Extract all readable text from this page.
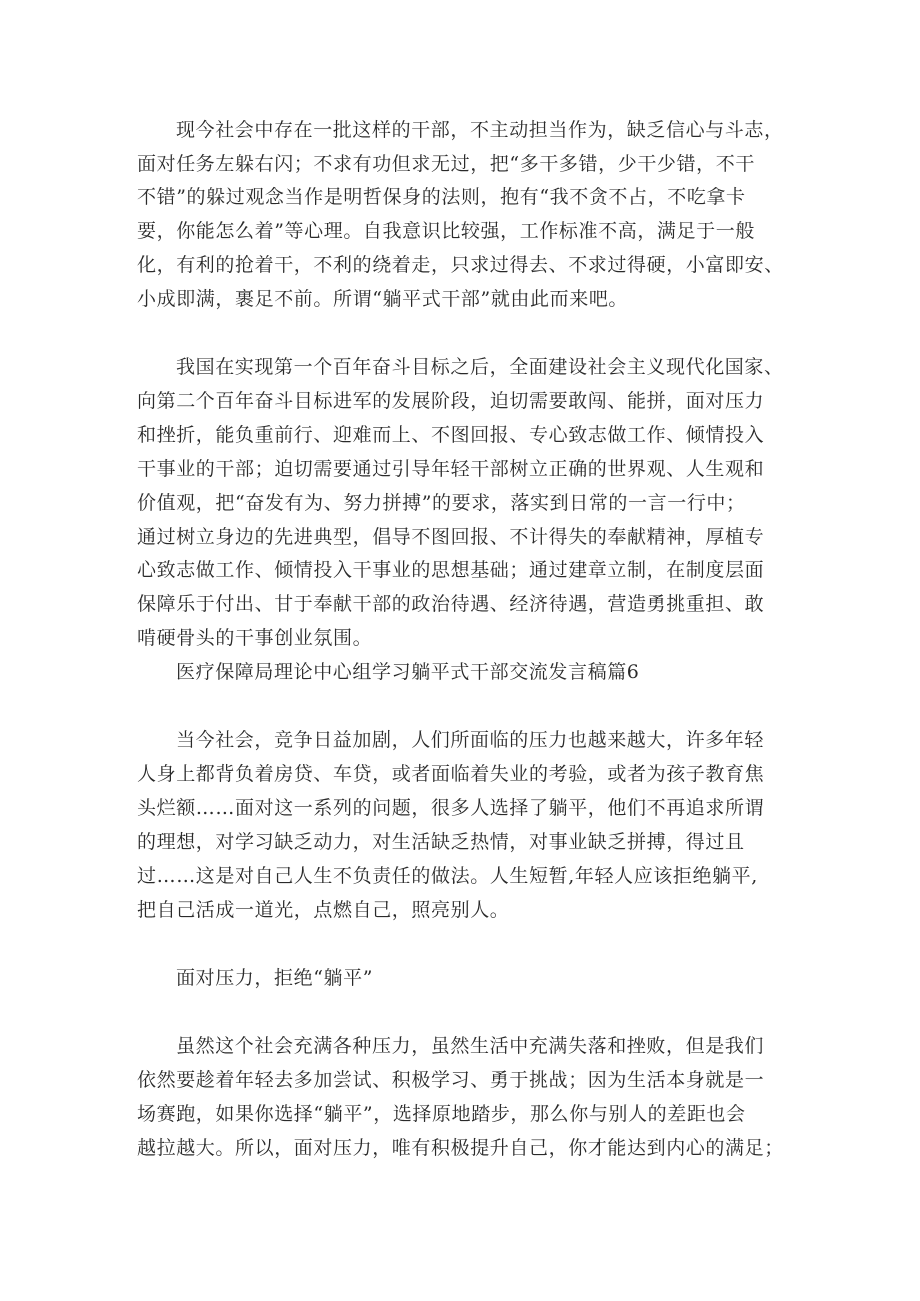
现今社会中存在一批这样的干部，不主动担当作为，缺乏信心与斗志，
面对任务左躲右闪；不求有功但求无过，把“多干多错，少干少错，不干
不错”的躲过观念当作是明哲保身的法则，抱有“我不贪不占，不吃拿卡
要，你能怎么着”等心理。自我意识比较强，工作标准不高，满足于一般
化，有利的抢着干，不利的绕着走，只求过得去、不求过得硬，小富即安、
小成即满，裹足不前。所谓“躺平式干部”就由此而来吧。
我国在实现第一个百年奋斗目标之后，全面建设社会主义现代化国家、
向第二个百年奋斗目标进军的发展阶段，迫切需要敢闯、能拼，面对压力
和挫折，能负重前行、迎难而上、不图回报、专心致志做工作、倾情投入
干事业的干部；迫切需要通过引导年轻干部树立正确的世界观、人生观和
价值观，把“奋发有为、努力拼搏”的要求，落实到日常的一言一行中；
通过树立身边的先进典型，倡导不图回报、不计得失的奉献精神，厚植专
心致志做工作、倾情投入干事业的思想基础；通过建章立制，在制度层面
保障乐于付出、甘于奉献干部的政治待遇、经济待遇，营造勇挑重担、敢
啃硬骨头的干事创业氛围。
医疗保障局理论中心组学习躺平式干部交流发言稿篇6
当今社会，竞争日益加剧，人们所面临的压力也越来越大，许多年轻
人身上都背负着房贷、车贷，或者面临着失业的考验，或者为孩子教育焦
头烂额……面对这一系列的问题，很多人选择了躺平，他们不再追求所谓
的理想，对学习缺乏动力，对生活缺乏热情，对事业缺乏拼搏，得过且
过……这是对自己人生不负责任的做法。人生短暂,年轻人应该拒绝躺平,
把自己活成一道光，点燃自己，照亮别人。
面对压力，拒绝“躺平”
虽然这个社会充满各种压力，虽然生活中充满失落和挫败，但是我们
依然要趁着年轻去多加尝试、积极学习、勇于挑战；因为生活本身就是一
场赛跑，如果你选择“躺平”，选择原地踏步，那么你与别人的差距也会
越拉越大。所以，面对压力，唯有积极提升自己，你才能达到内心的满足；
